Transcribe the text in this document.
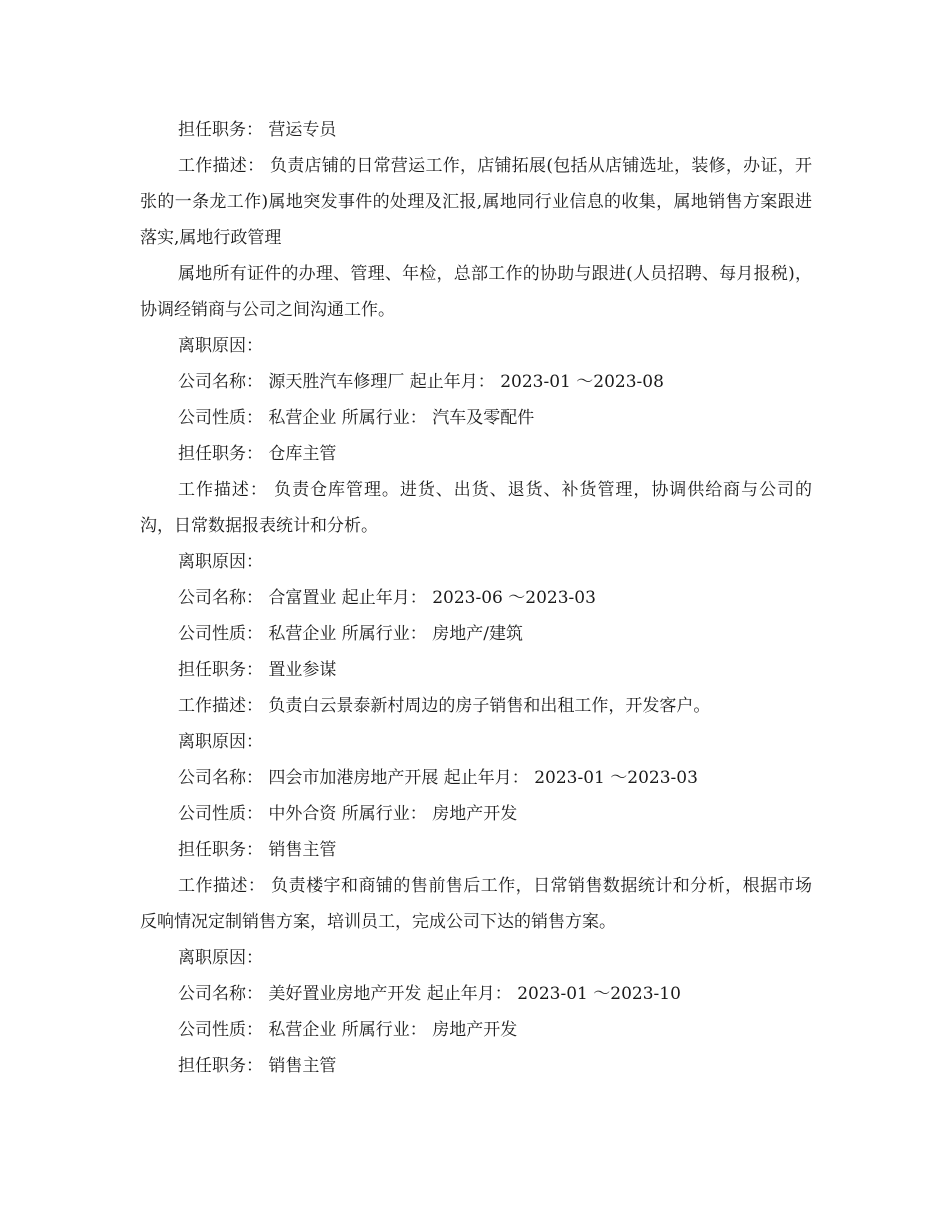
担任职务： 营运专员

工作描述： 负责店铺的日常营运工作，店铺拓展(包括从店铺选址，装修，办证，开张的一条龙工作)属地突发事件的处理及汇报,属地同行业信息的收集，属地销售方案跟进落实,属地行政管理

属地所有证件的办理、管理、年检，总部工作的协助与跟进(人员招聘、每月报税)，协调经销商与公司之间沟通工作。

离职原因：

公司名称： 源天胜汽车修理厂 起止年月： 2023-01 ～2023-08

公司性质： 私营企业 所属行业： 汽车及零配件

担任职务： 仓库主管

工作描述： 负责仓库管理。进货、出货、退货、补货管理，协调供给商与公司的沟，日常数据报表统计和分析。

离职原因：

公司名称： 合富置业 起止年月： 2023-06 ～2023-03

公司性质： 私营企业 所属行业： 房地产/建筑

担任职务： 置业参谋

工作描述： 负责白云景泰新村周边的房子销售和出租工作，开发客户。

离职原因：

公司名称： 四会市加港房地产开展 起止年月： 2023-01 ～2023-03

公司性质： 中外合资 所属行业： 房地产开发

担任职务： 销售主管

工作描述： 负责楼宇和商铺的售前售后工作，日常销售数据统计和分析，根据市场反响情况定制销售方案，培训员工，完成公司下达的销售方案。

离职原因：

公司名称： 美好置业房地产开发 起止年月： 2023-01 ～2023-10

公司性质： 私营企业 所属行业： 房地产开发

担任职务： 销售主管
